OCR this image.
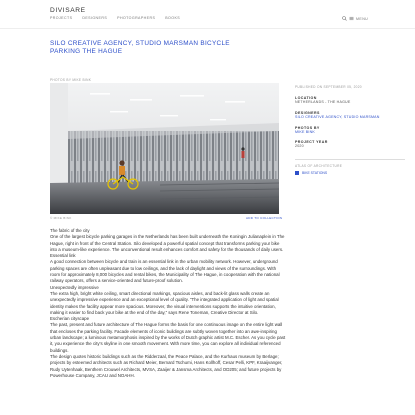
DIVISARE
PROJECTS	DESIGNERS	PHOTOGRAPHERS	BOOKS	MENU
SILO CREATIVE AGENCY, STUDIO MARSMAN BICYCLE PARKING THE HAGUE
PHOTOS BY MIKE BINK
© MIKE BINK	ADD TO COLLECTION
PUBLISHED ON SEPTEMBER 05, 2020
LOCATION
NETHERLANDS - THE HAGUE
DESIGNERS
SILO CREATIVE AGENCY, STUDIO MARSMAN
PHOTOS BY
MIKE BINK
PROJECT YEAR
2020
ATLAS OF ARCHITECTURE
BIKE STATIONS

The fabric of the city

One of the largest bicycle parking garages in the Netherlands has been built underneath the Koningin Julianaplein in The Hague, right in front of the Central Station. Silo developed a powerful spatial concept that transforms parking your bike into a museum-like experience. The unconventional result enhances comfort and safety for the thousands of daily users.

Essential link

A good connection between bicycle and train is an essential link in the urban mobility network. However, underground parking spaces are often unpleasant due to low ceilings, and the lack of daylight and views of the surroundings. With room for approximately 8,000 bicycles and rental bikes, the Municipality of The Hague, in cooperation with the national railway operators, offers a service-oriented and future-proof solution.

Unexpectedly impressive

The extra high, bright white ceiling, smart directional markings, spacious aisles, and back-lit glass walls create an unexpectedly impressive experience and an exceptional level of quality. “The integrated application of light and spatial identity makes the facility appear more spacious. Moreover, the visual interventions supports the intuitive orientation, making it easier to find back your bike at the end of the day,” says Rene Toneman, Creative Director at Silo.

Escherian cityscape

The past, present and future architecture of The Hague forms the basis for one continuous image on the entire light wall that encloses the parking facility. Facade elements of iconic buildings are subtly woven together into an awe-inspiring urban landscape; a luminous metamorphosis inspired by the works of Dutch graphic artist M.C. Escher. As you cycle past it, you experience the city’s skyline in one smooth movement. With more time, you can explore all individual referenced buildings.

The design quotes historic buildings such as the Ridderzaal, the Peace Palace, and the Kurhaus museum by Berlage; projects by esteemed architects such as Richard Meier, Bernard Tschumi, Hans Kollhoff, Cesar Pelli, KPF, Kraaijvanger, Rudy Uytenhaak, Benthem Crouwel Architects, MVSA, Zaaijer & Jansma Architects, and OD205; and future projects by Powerhouse Company, JCAU and NOAHH.
